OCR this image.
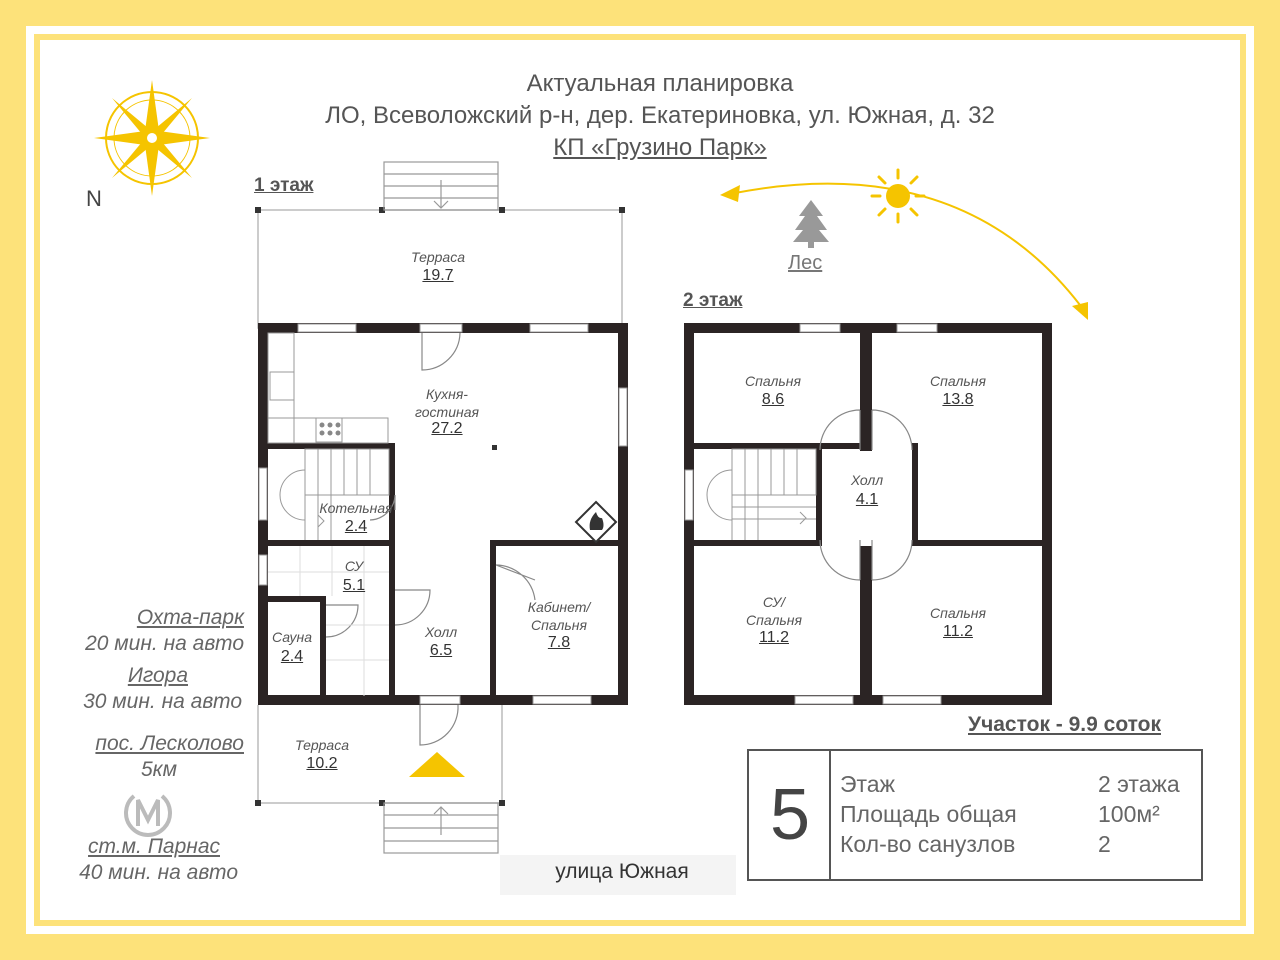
Актуальная планировка
ЛО, Всеволожский р-н, дер. Екатериновка, ул. Южная, д. 32
КП «Грузино Парк»
N
Лес
1 этаж
2 этаж
Терраса
19.7
Кухня-
гостиная
27.2
Котельная
2.4
СУ
5.1
Сауна
2.4
Холл
6.5
Кабинет/
Спальня
7.8
Терраса
10.2
Спальня
8.6
Спальня
13.8
Холл
4.1
СУ/
Спальня
11.2
Спальня
11.2
Охта-парк
20 мин. на авто
Игора
30 мин. на авто
пос. Лесколово
5км
ст.м. Парнас
40 мин. на авто	улица Южная
Участок - 9.9 соток
5	Этаж	2 этажа
Площадь общая	100м²
Кол-во санузлов	2
